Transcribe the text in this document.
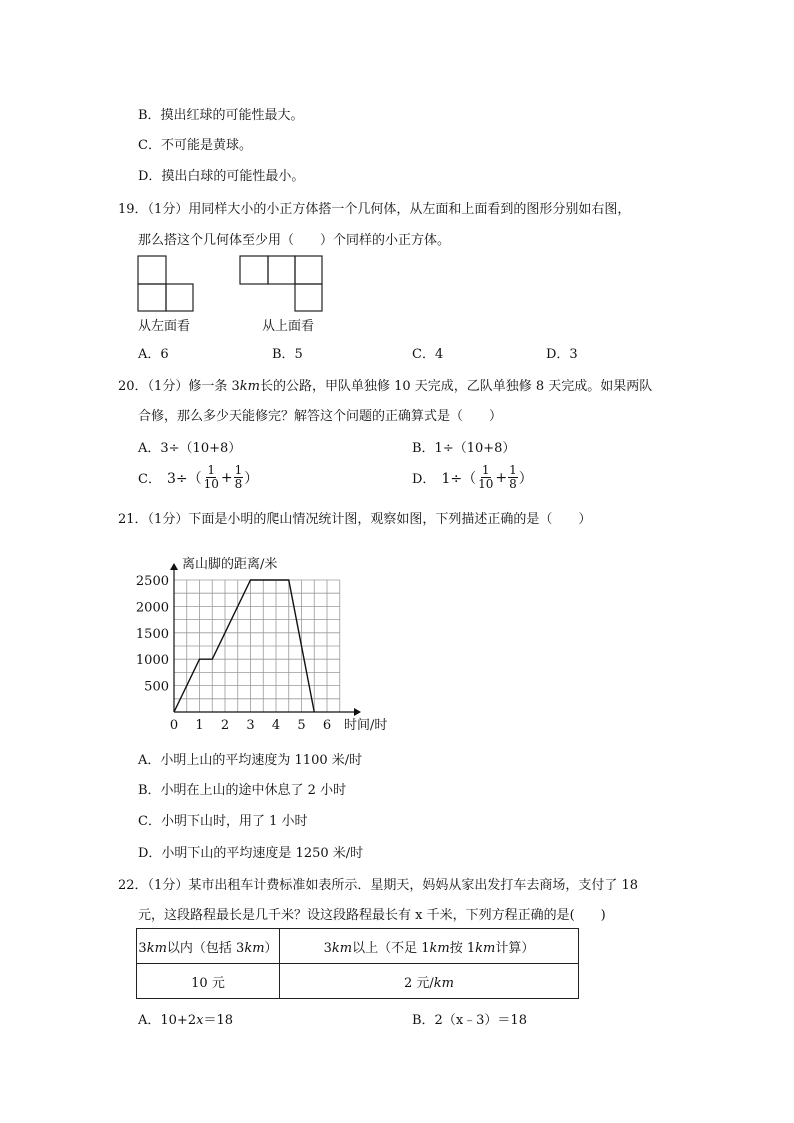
B．摸出红球的可能性最大。
C．不可能是黄球。
D．摸出白球的可能性最小。
19．（1分）用同样大小的小正方体搭一个几何体，从左面和上面看到的图形分别如右图，
那么搭这个几何体至少用（　　）个同样的小正方体。
从左面看	从上面看
A．6	B．5	C．4	D．3
20．（1分）修一条 3km长的公路，甲队单独修 10 天完成，乙队单独修 8 天完成。如果两队
合修，那么多少天能修完？解答这个问题的正确算式是（　　）
A．3÷（10+8）	B．1÷（10+8）
C． $3\div( \frac{1}{10} + \frac{1}{8}$ ）	D． $1\div( \frac{1}{10} + \frac{1}{8}$ ）
21．（1分）下面是小明的爬山情况统计图，观察如图，下列描述正确的是（　　）
0 1 2 3 4 5 6
500
1000
1500
2000
2500
离山脚的距离/米
时间/时
A．小明上山的平均速度为 1100 米/时
B．小明在上山的途中休息了 2 小时
C．小明下山时，用了 1 小时
D．小明下山的平均速度是 1250 米/时
22．（1分）某市出租车计费标准如表所示．星期天，妈妈从家出发打车去商场，支付了 18
元，这段路程最长是几千米？设这段路程最长有 x 千米，下列方程正确的是(　　)
3km以内（包括 3km）	3km以上（不足 1km按 1km计算）
10 元	2 元/km
A．10+2x＝18	B．2（x﹣3）＝18
